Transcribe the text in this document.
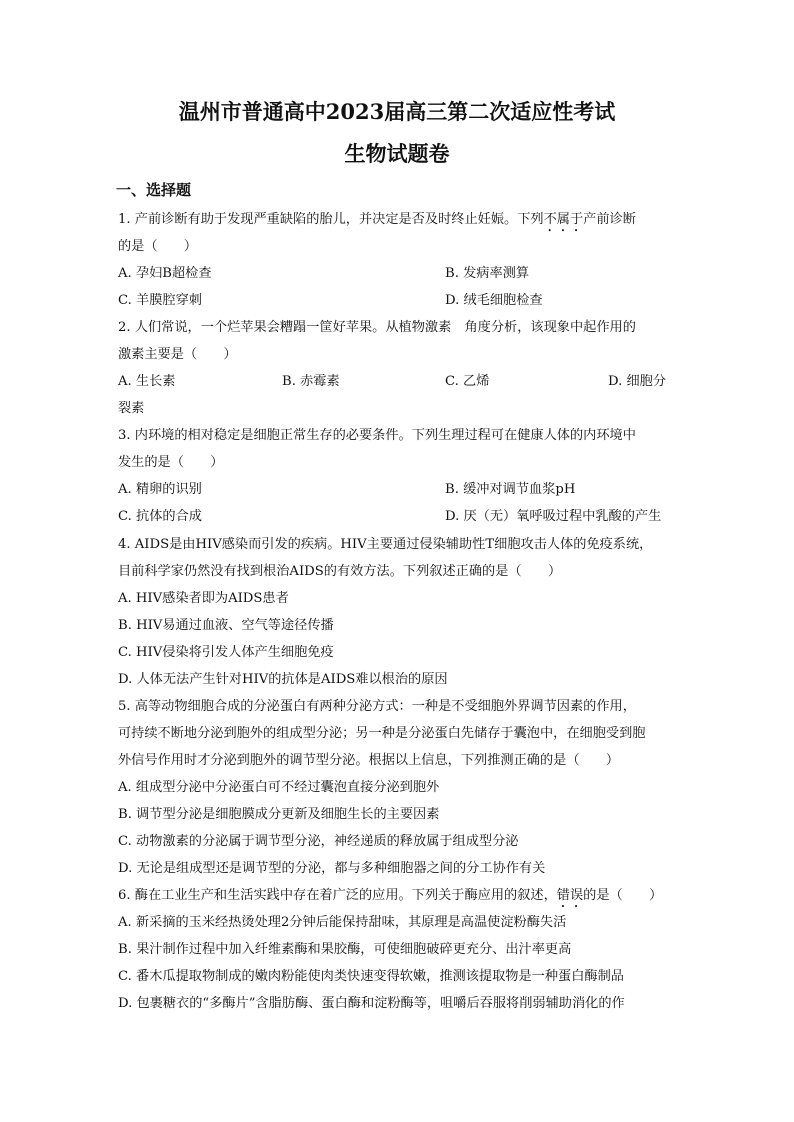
温州市普通高中2023届高三第二次适应性考试
生物试题卷
一、选择题
1. 产前诊断有助于发现严重缺陷的胎儿，并决定是否及时终止妊娠。下列不属于产前诊断
的是（　　）
A. 孕妇B超检查	B. 发病率测算
C. 羊膜腔穿刺	D. 绒毛细胞检查
2. 人们常说，一个烂苹果会糟蹋一筐好苹果。从植物激素　角度分析，该现象中起作用的
激素主要是（　　）
A. 生长素	B. 赤霉素	C. 乙烯	D. 细胞分
裂素
3. 内环境的相对稳定是细胞正常生存的必要条件。下列生理过程可在健康人体的内环境中
发生的是（　　）
A. 精卵的识别	B. 缓冲对调节血浆pH
C. 抗体的合成	D. 厌（无）氧呼吸过程中乳酸的产生
4. AIDS是由HIV感染而引发的疾病。HIV主要通过侵染辅助性T细胞攻击人体的免疫系统，
目前科学家仍然没有找到根治AIDS的有效方法。下列叙述正确的是（　　）
A. HIV感染者即为AIDS患者
B. HIV易通过血液、空气等途径传播
C. HIV侵染将引发人体产生细胞免疫
D. 人体无法产生针对HIV的抗体是AIDS难以根治的原因
5. 高等动物细胞合成的分泌蛋白有两种分泌方式：一种是不受细胞外界调节因素的作用，
可持续不断地分泌到胞外的组成型分泌；另一种是分泌蛋白先储存于囊泡中，在细胞受到胞
外信号作用时才分泌到胞外的调节型分泌。根据以上信息，下列推测正确的是（　　）
A. 组成型分泌中分泌蛋白可不经过囊泡直接分泌到胞外
B. 调节型分泌是细胞膜成分更新及细胞生长的主要因素
C. 动物激素的分泌属于调节型分泌，神经递质的释放属于组成型分泌
D. 无论是组成型还是调节型的分泌，都与多种细胞器之间的分工协作有关
6. 酶在工业生产和生活实践中存在着广泛的应用。下列关于酶应用的叙述，错误的是（　　）
A. 新采摘的玉米经热烫处理2分钟后能保持甜味，其原理是高温使淀粉酶失活
B. 果汁制作过程中加入纤维素酶和果胶酶，可使细胞破碎更充分、出汁率更高
C. 番木瓜提取物制成的嫩肉粉能使肉类快速变得软嫩，推测该提取物是一种蛋白酶制品
D. 包裹糖衣的“多酶片”含脂肪酶、蛋白酶和淀粉酶等，咀嚼后吞服将削弱辅助消化的作
